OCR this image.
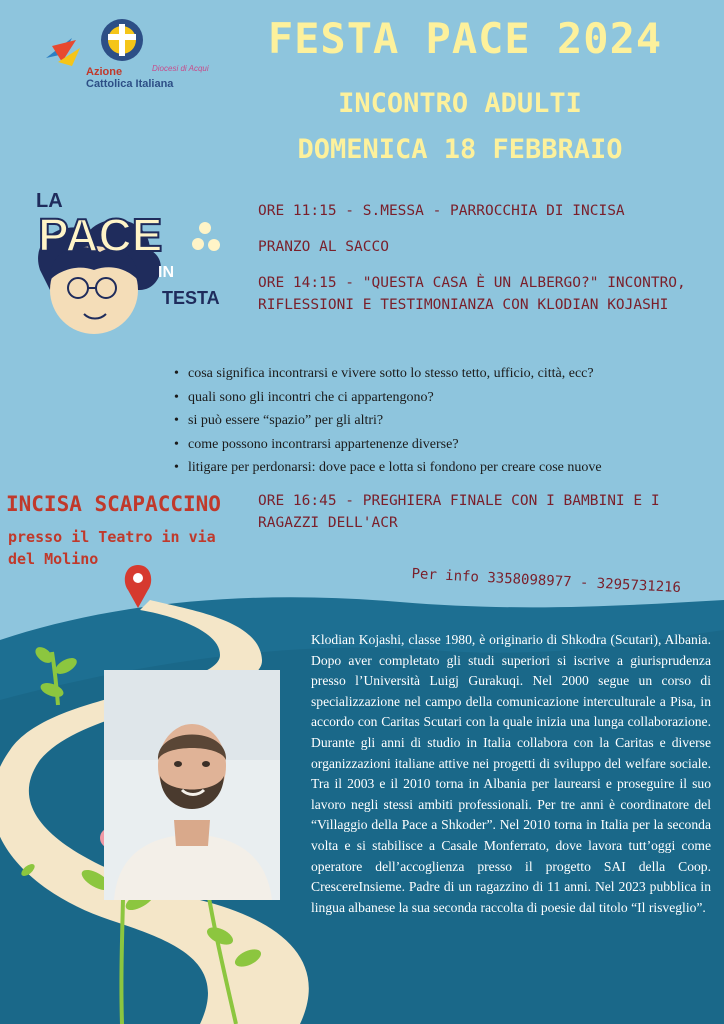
Azione
Cattolica Italiana
Diocesi di Acqui
FESTA PACE 2024
INCONTRO ADULTI
DOMENICA 18 FEBBRAIO
LA
PACE
IN
TESTA
ORE 11:15 - S.MESSA - PARROCCHIA DI INCISA
PRANZO AL SACCO
ORE 14:15 - "QUESTA CASA È UN ALBERGO?" INCONTRO, RIFLESSIONI E TESTIMONIANZA CON KLODIAN KOJASHI
• cosa significa incontrarsi e vivere sotto lo stesso tetto, ufficio, città, ecc?
• quali sono gli incontri che ci appartengono?
• si può essere “spazio” per gli altri?
• come possono incontrarsi appartenenze diverse?
• litigare per perdonarsi: dove pace e lotta si fondono per creare cose nuove
INCISA SCAPACCINO
presso il Teatro in via del Molino
ORE 16:45 - PREGHIERA FINALE CON I BAMBINI E I RAGAZZI DELL'ACR
Per info 3358098977 - 3295731216
Klodian Kojashi, classe 1980, è originario di Shkodra (Scutari), Albania. Dopo aver completato gli studi superiori si iscrive a giurisprudenza presso l’Università Luigj Gurakuqi. Nel 2000 segue un corso di specializzazione nel campo della comunicazione interculturale a Pisa, in accordo con Caritas Scutari con la quale inizia una lunga collaborazione. Durante gli anni di studio in Italia collabora con la Caritas e diverse organizzazioni italiane attive nei progetti di sviluppo del welfare sociale. Tra il 2003 e il 2010 torna in Albania per laurearsi e proseguire il suo lavoro negli stessi ambiti professionali. Per tre anni è coordinatore del “Villaggio della Pace a Shkoder”. Nel 2010 torna in Italia per la seconda volta e si stabilisce a Casale Monferrato, dove lavora tutt’oggi come operatore dell’accoglienza presso il progetto SAI della Coop. CrescereInsieme. Padre di un ragazzino di 11 anni. Nel 2023 pubblica in lingua albanese la sua seconda raccolta di poesie dal titolo “Il risveglio”.
